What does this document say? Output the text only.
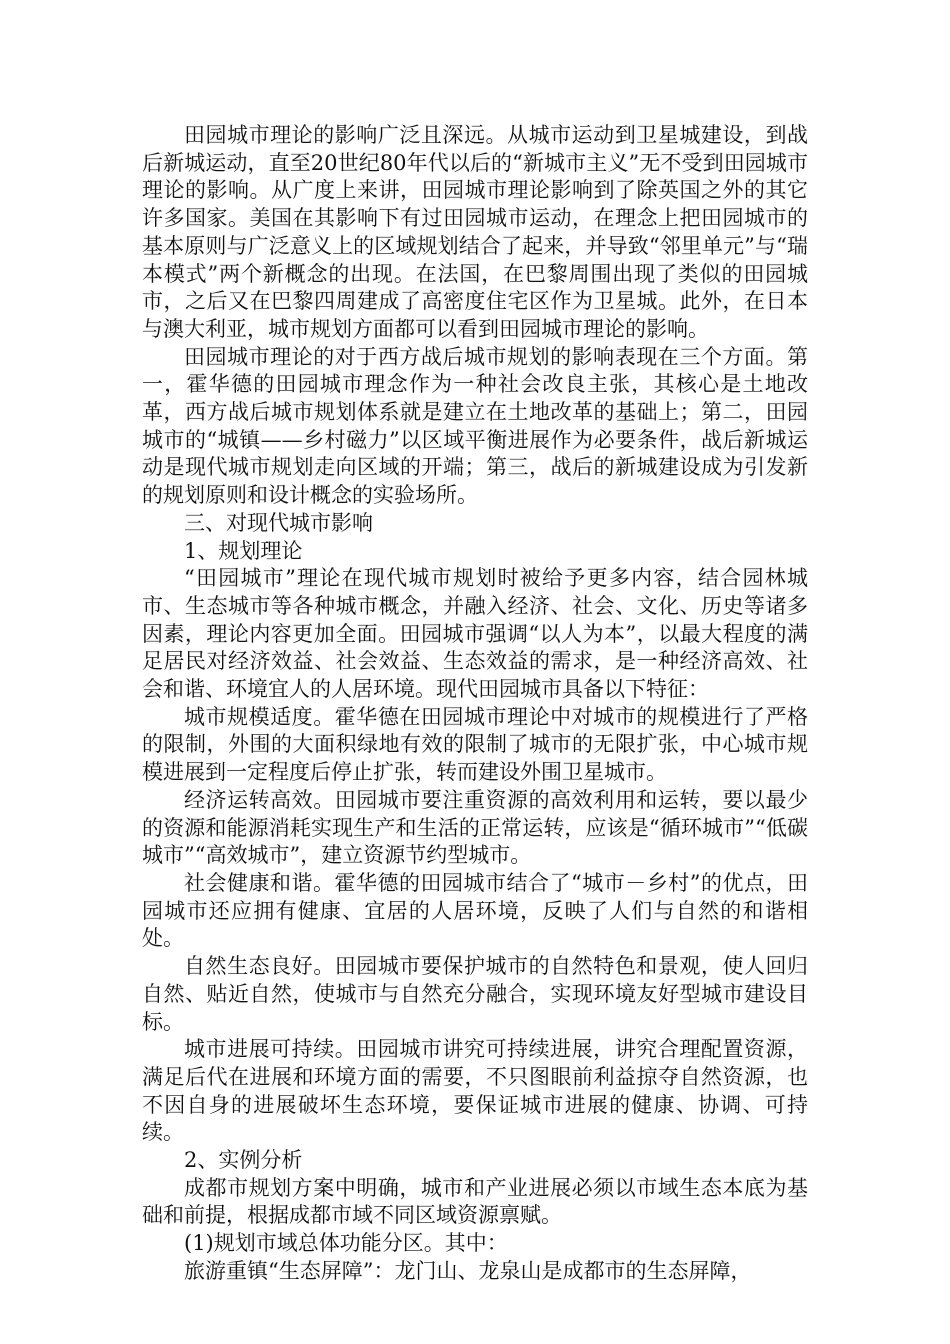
田园城市理论的影响广泛且深远。从城市运动到卫星城建设，到战后新城运动，直至20世纪80年代以后的“新城市主义”无不受到田园城市理论的影响。从广度上来讲，田园城市理论影响到了除英国之外的其它许多国家。美国在其影响下有过田园城市运动，在理念上把田园城市的基本原则与广泛意义上的区域规划结合了起来，并导致“邻里单元”与“瑞本模式”两个新概念的出现。在法国，在巴黎周围出现了类似的田园城市，之后又在巴黎四周建成了高密度住宅区作为卫星城。此外，在日本与澳大利亚，城市规划方面都可以看到田园城市理论的影响。

田园城市理论的对于西方战后城市规划的影响表现在三个方面。第一，霍华德的田园城市理念作为一种社会改良主张，其核心是土地改革，西方战后城市规划体系就是建立在土地改革的基础上；第二，田园城市的“城镇——乡村磁力”以区域平衡进展作为必要条件，战后新城运动是现代城市规划走向区域的开端；第三，战后的新城建设成为引发新的规划原则和设计概念的实验场所。

三、对现代城市影响

1、规划理论

“田园城市”理论在现代城市规划时被给予更多内容，结合园林城市、生态城市等各种城市概念，并融入经济、社会、文化、历史等诸多因素，理论内容更加全面。田园城市强调“以人为本”，以最大程度的满足居民对经济效益、社会效益、生态效益的需求，是一种经济高效、社会和谐、环境宜人的人居环境。现代田园城市具备以下特征：

城市规模适度。霍华德在田园城市理论中对城市的规模进行了严格的限制，外围的大面积绿地有效的限制了城市的无限扩张，中心城市规模进展到一定程度后停止扩张，转而建设外围卫星城市。

经济运转高效。田园城市要注重资源的高效利用和运转，要以最少的资源和能源消耗实现生产和生活的正常运转，应该是“循环城市”“低碳城市”“高效城市”，建立资源节约型城市。

社会健康和谐。霍华德的田园城市结合了“城市－乡村”的优点，田园城市还应拥有健康、宜居的人居环境，反映了人们与自然的和谐相处。

自然生态良好。田园城市要保护城市的自然特色和景观，使人回归自然、贴近自然，使城市与自然充分融合，实现环境友好型城市建设目标。

城市进展可持续。田园城市讲究可持续进展，讲究合理配置资源，满足后代在进展和环境方面的需要，不只图眼前利益掠夺自然资源，也不因自身的进展破坏生态环境，要保证城市进展的健康、协调、可持续。

2、实例分析

成都市规划方案中明确，城市和产业进展必须以市域生态本底为基础和前提，根据成都市域不同区域资源禀赋。

(1)规划市域总体功能分区。其中：

旅游重镇“生态屏障”：龙门山、龙泉山是成都市的生态屏障，
